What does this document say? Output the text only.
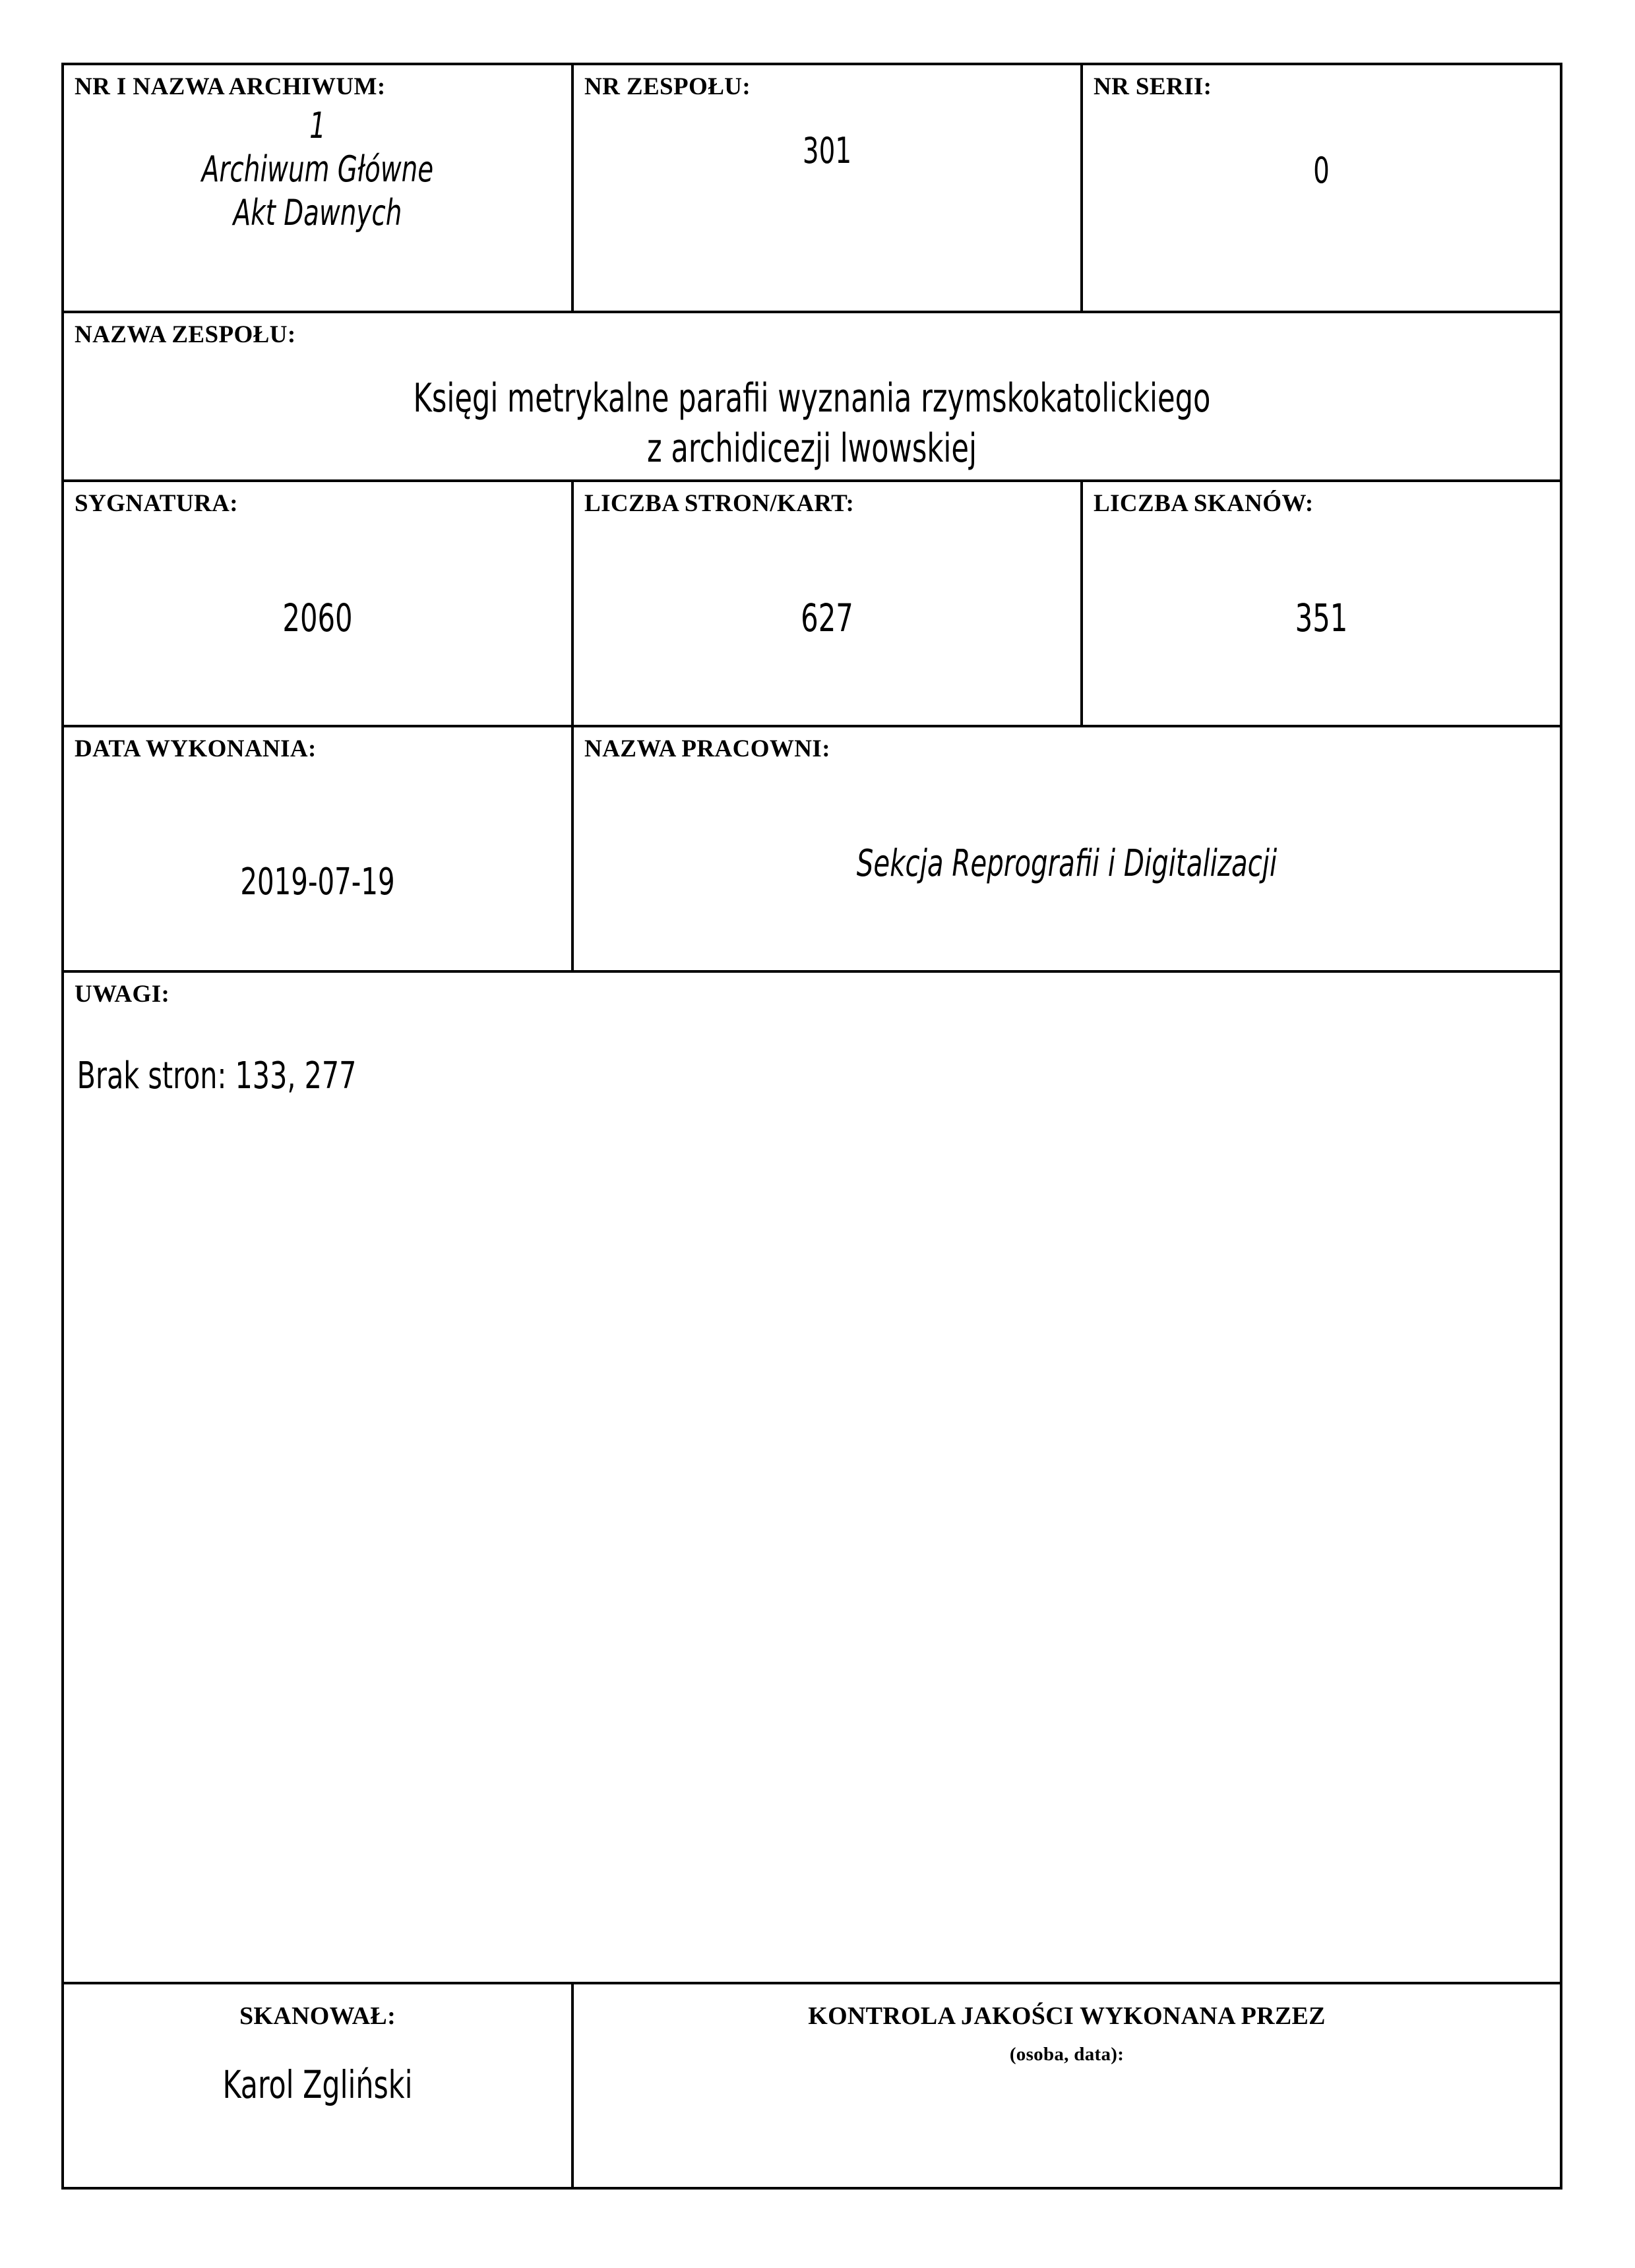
NR I NAZWA ARCHIWUM:
1
Archiwum Główne
Akt Dawnych	NR ZESPOŁU:
301	NR SERII:
0

NAZWA ZESPOŁU:
Księgi metrykalne parafii wyznania rzymskokatolickiego
z archidicezji lwowskiej		

SYGNATURA:
2060	LICZBA STRON/KART:
627	LICZBA SKANÓW:
351

DATA WYKONANIA:
2019-07-19	NAZWA PRACOWNI:
Sekcja Reprografii i Digitalizacji	

UWAGI:
Brak stron: 133, 277		

SKANOWAŁ:
Karol Zgliński	KONTROLA JAKOŚCI WYKONANA PRZEZ
(osoba, data):	
